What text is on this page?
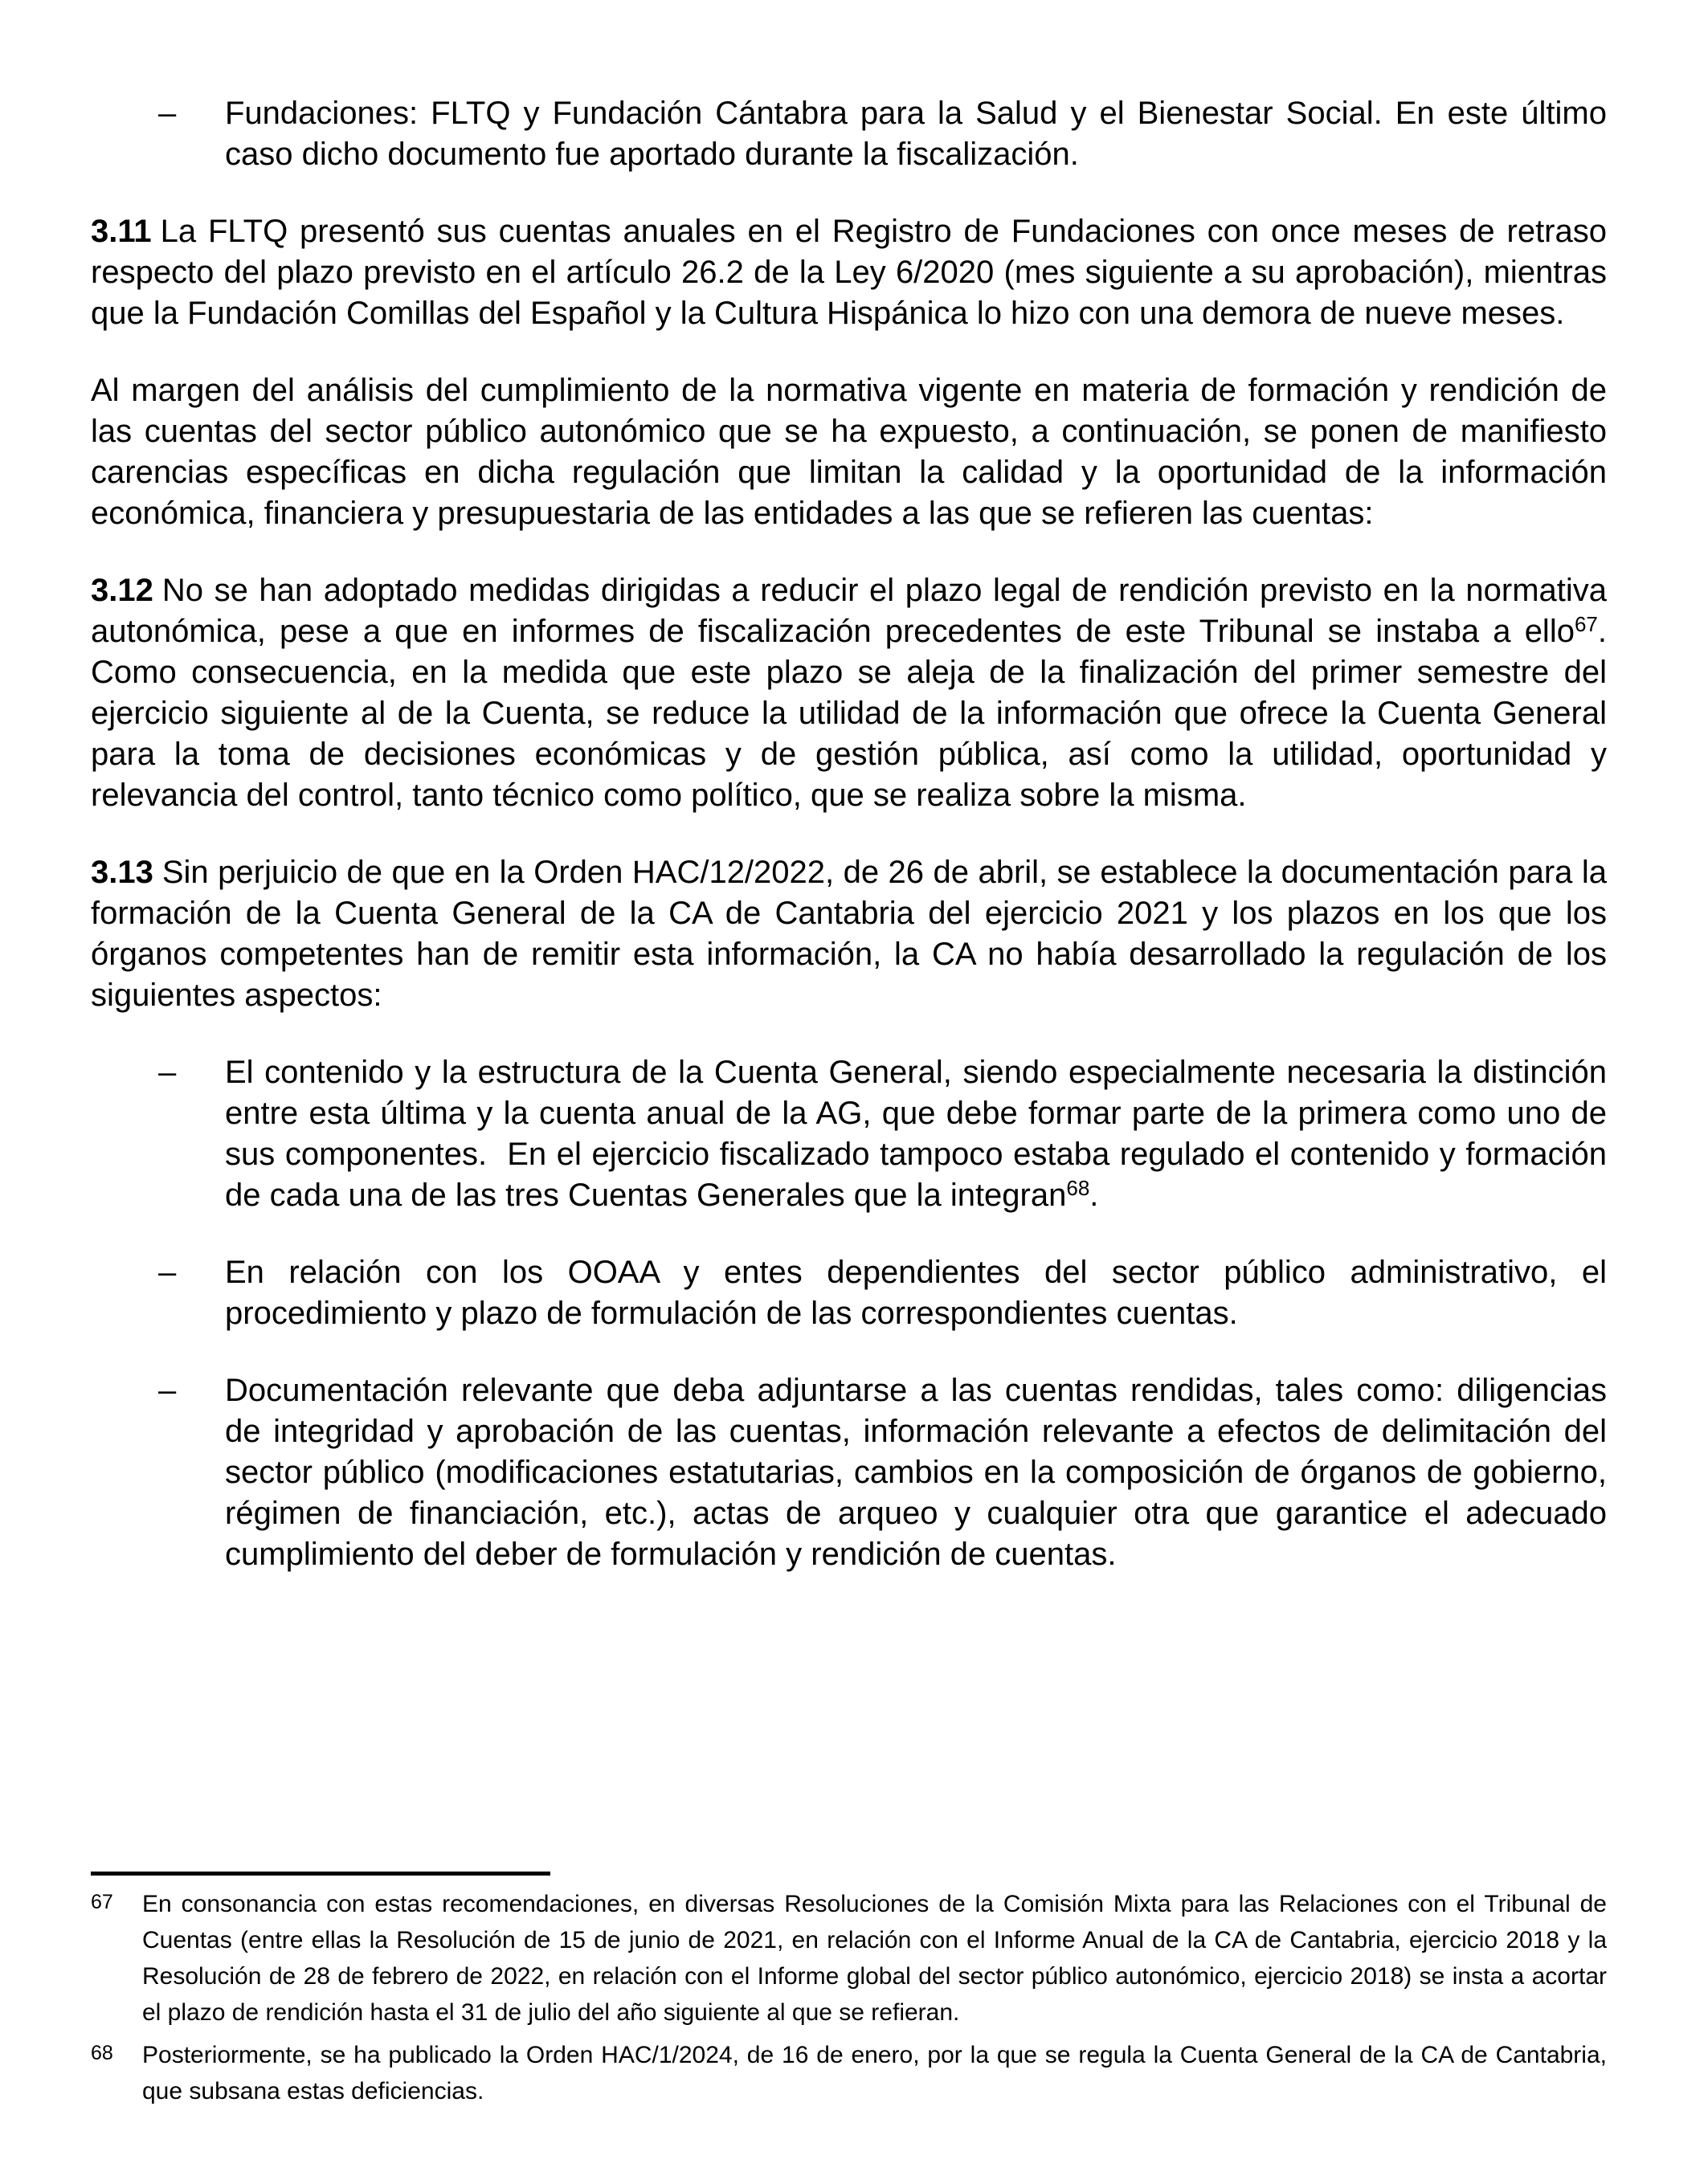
–	Fundaciones: FLTQ y Fundación Cántabra para la Salud y el Bienestar Social. En este último caso dicho documento fue aportado durante la fiscalización.

3.11 La FLTQ presentó sus cuentas anuales en el Registro de Fundaciones con once meses de retraso respecto del plazo previsto en el artículo 26.2 de la Ley 6/2020 (mes siguiente a su aprobación), mientras que la Fundación Comillas del Español y la Cultura Hispánica lo hizo con una demora de nueve meses.

Al margen del análisis del cumplimiento de la normativa vigente en materia de formación y rendición de las cuentas del sector público autonómico que se ha expuesto, a continuación, se ponen de manifiesto carencias específicas en dicha regulación que limitan la calidad y la oportunidad de la información económica, financiera y presupuestaria de las entidades a las que se refieren las cuentas:

3.12 No se han adoptado medidas dirigidas a reducir el plazo legal de rendición previsto en la normativa autonómica, pese a que en informes de fiscalización precedentes de este Tribunal se instaba a ello$^{67}$. Como consecuencia, en la medida que este plazo se aleja de la finalización del primer semestre del ejercicio siguiente al de la Cuenta, se reduce la utilidad de la información que ofrece la Cuenta General para la toma de decisiones económicas y de gestión pública, así como la utilidad, oportunidad y relevancia del control, tanto técnico como político, que se realiza sobre la misma.

3.13 Sin perjuicio de que en la Orden HAC/12/2022, de 26 de abril, se establece la documentación para la formación de la Cuenta General de la CA de Cantabria del ejercicio 2021 y los plazos en los que los órganos competentes han de remitir esta información, la CA no había desarrollado la regulación de los siguientes aspectos:

–	El contenido y la estructura de la Cuenta General, siendo especialmente necesaria la distinción entre esta última y la cuenta anual de la AG, que debe formar parte de la primera como uno de sus componentes.  En el ejercicio fiscalizado tampoco estaba regulado el contenido y formación de cada una de las tres Cuentas Generales que la integran$^{68}$.
–	En relación con los OOAA y entes dependientes del sector público administrativo, el procedimiento y plazo de formulación de las correspondientes cuentas.
–	Documentación relevante que deba adjuntarse a las cuentas rendidas, tales como: diligencias de integridad y aprobación de las cuentas, información relevante a efectos de delimitación del sector público (modificaciones estatutarias, cambios en la composición de órganos de gobierno, régimen de financiación, etc.), actas de arqueo y cualquier otra que garantice el adecuado cumplimiento del deber de formulación y rendición de cuentas.
67	En consonancia con estas recomendaciones, en diversas Resoluciones de la Comisión Mixta para las Relaciones con el Tribunal de Cuentas (entre ellas la Resolución de 15 de junio de 2021, en relación con el Informe Anual de la CA de Cantabria, ejercicio 2018 y la Resolución de 28 de febrero de 2022, en relación con el Informe global del sector público autonómico, ejercicio 2018) se insta a acortar el plazo de rendición hasta el 31 de julio del año siguiente al que se refieran.
68	Posteriormente, se ha publicado la Orden HAC/1/2024, de 16 de enero, por la que se regula la Cuenta General de la CA de Cantabria, que subsana estas deficiencias.
